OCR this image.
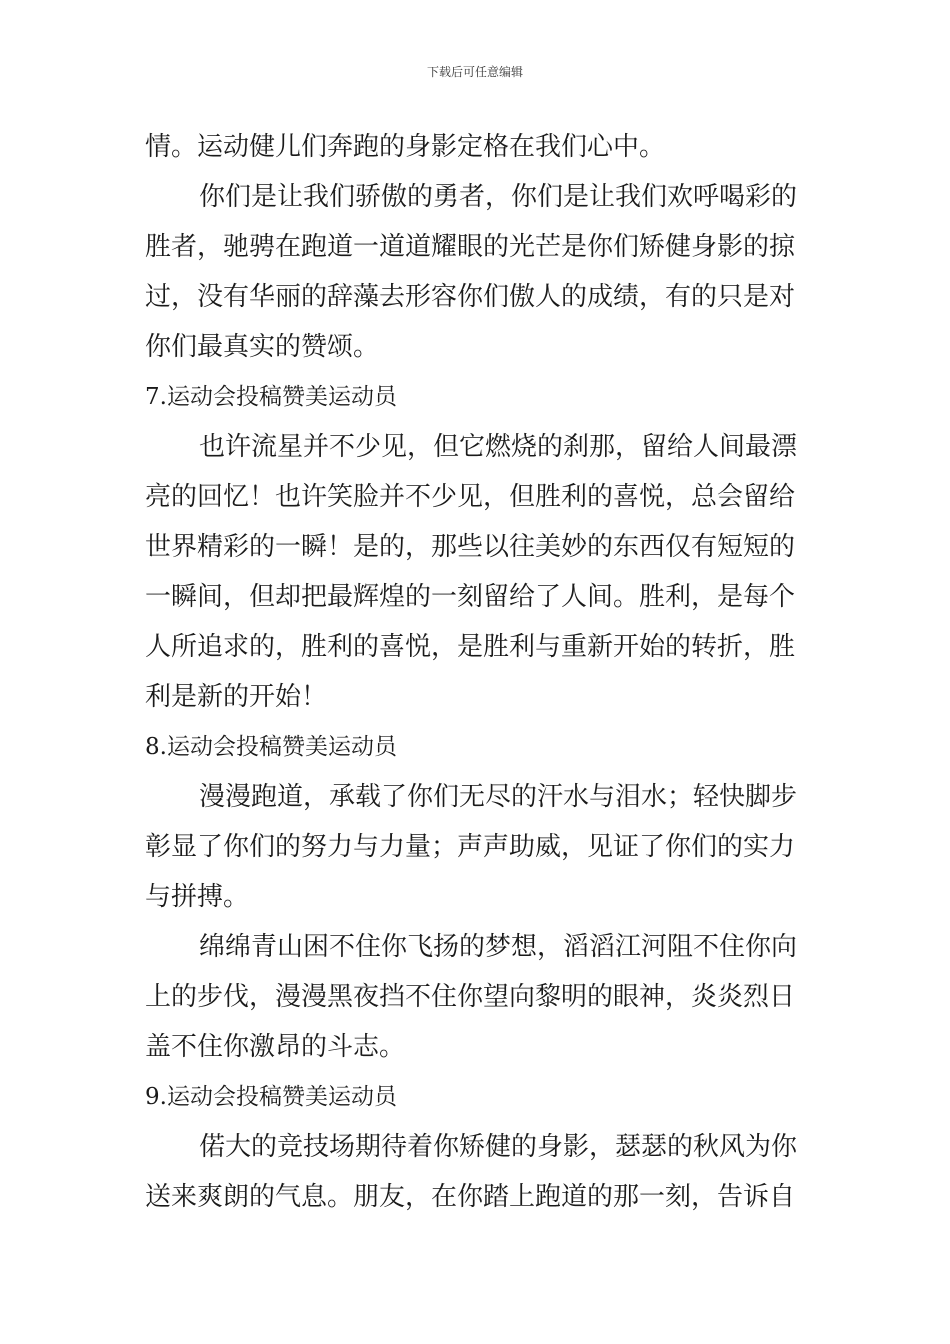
下载后可任意编辑
情。运动健儿们奔跑的身影定格在我们心中。
你们是让我们骄傲的勇者，你们是让我们欢呼喝彩的
胜者，驰骋在跑道一道道耀眼的光芒是你们矫健身影的掠
过，没有华丽的辞藻去形容你们傲人的成绩，有的只是对
你们最真实的赞颂。
7.运动会投稿赞美运动员
也许流星并不少见，但它燃烧的刹那，留给人间最漂
亮的回忆！也许笑脸并不少见，但胜利的喜悦，总会留给
世界精彩的一瞬！是的，那些以往美妙的东西仅有短短的
一瞬间，但却把最辉煌的一刻留给了人间。胜利，是每个
人所追求的，胜利的喜悦，是胜利与重新开始的转折，胜
利是新的开始！
8.运动会投稿赞美运动员
漫漫跑道，承载了你们无尽的汗水与泪水；轻快脚步
彰显了你们的努力与力量；声声助威，见证了你们的实力
与拼搏。
绵绵青山困不住你飞扬的梦想，滔滔江河阻不住你向
上的步伐，漫漫黑夜挡不住你望向黎明的眼神，炎炎烈日
盖不住你激昂的斗志。
9.运动会投稿赞美运动员
偌大的竞技场期待着你矫健的身影，瑟瑟的秋风为你
送来爽朗的气息。朋友，在你踏上跑道的那一刻，告诉自
